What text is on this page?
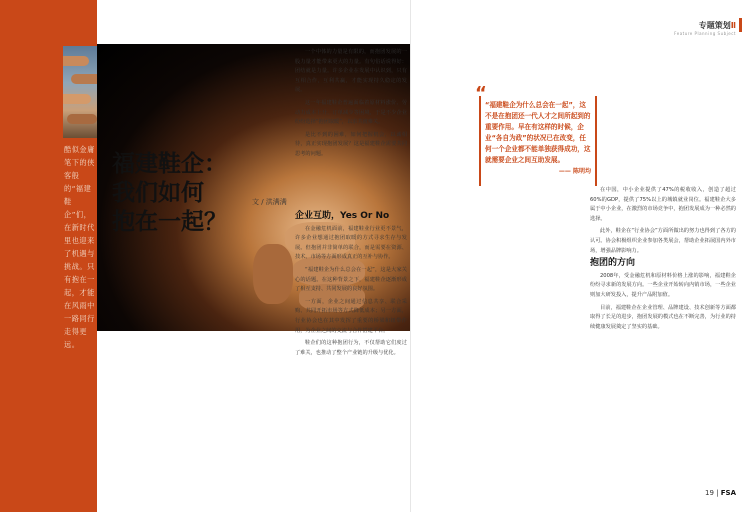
酷似金庸笔下的侠客般的“福建鞋企”们，在新时代里也迎来了机遇与挑战。只有抱在一起，才能在风雨中一路同行走得更远。
福建鞋企：
我们如何
抱在一起？
文 / 洪满满

一个中体的力量是有限的，而抱团发展的一股力量才能带来更大的力量。有句俗话说得好：团结就是力量。许多企业在发展中认识到，只有互相合作，互利共赢，才能实现持久稳定的发展。

这一年福建鞋企普遍面临着原材料涨价、劳动力成本上升、订单减少等困境，于是不少企业纷纷选择“抱团取暖”，以求共渡难关。

是比不到的困难，如何把握机会，以诚相待，真正实现抱团发展？这是福建鞋企需要共同思考的问题。

企业互助，Yes Or No

在金融危机面前，福建鞋业行业更不景气，许多企业想通过抱团取暖的方式寻求生存与发展。但抱团并非简单的联合，而是需要在资源、技术、市场等方面形成真正的互补与协作。

“福建鞋企为什么总会在一起”，这是大家关心的话题。在这种背景之下，福建鞋企逐渐形成了相互支持、共同发展的良好氛围。

一方面，企业之间通过信息共享、联合采购、共同开拓市场等方式降低成本；另一方面，行业协会也在其中发挥了重要的桥梁和纽带作用，为企业之间的交流与合作搭建平台。

鞋企们的这种抱团行为，不仅帮助它们度过了难关，也推动了整个产业链的升级与优化。

“
“福建鞋企为什么总会在一起”，这不是在抱团还一代人才之间所起到的重要作用。早在有这样的时候，企业“各自为政”的状况已在改变，任何一个企业都不能单独获得成功，这就需要企业之间互助发展。
—— 陈明均

在中国，中小企业提供了47%的税收收入，创造了超过60%的GDP，提供了75%以上的城镇就业岗位。福建鞋企大多属于中小企业，在激烈的市场竞争中，抱团发展成为一种必然的选择。

此外，鞋企在“行业协会”方面所做出的努力也得到了各方的认可。协会积极组织企业参加各类展会，帮助企业拓展国内外市场，增强品牌影响力。

抱团的方向

2008年，受金融危机和原材料价格上涨的影响，福建鞋企纷纷寻求新的发展方向。一些企业开始转向内销市场，一些企业则加大研发投入，提升产品附加值。

目前，福建鞋企在企业管理、品牌建设、技术创新等方面都取得了长足的进步，抱团发展的模式也在不断完善，为行业的持续健康发展奠定了坚实的基础。

专题策划Ⅱ
Feature Planning Subject
19 | FSA
